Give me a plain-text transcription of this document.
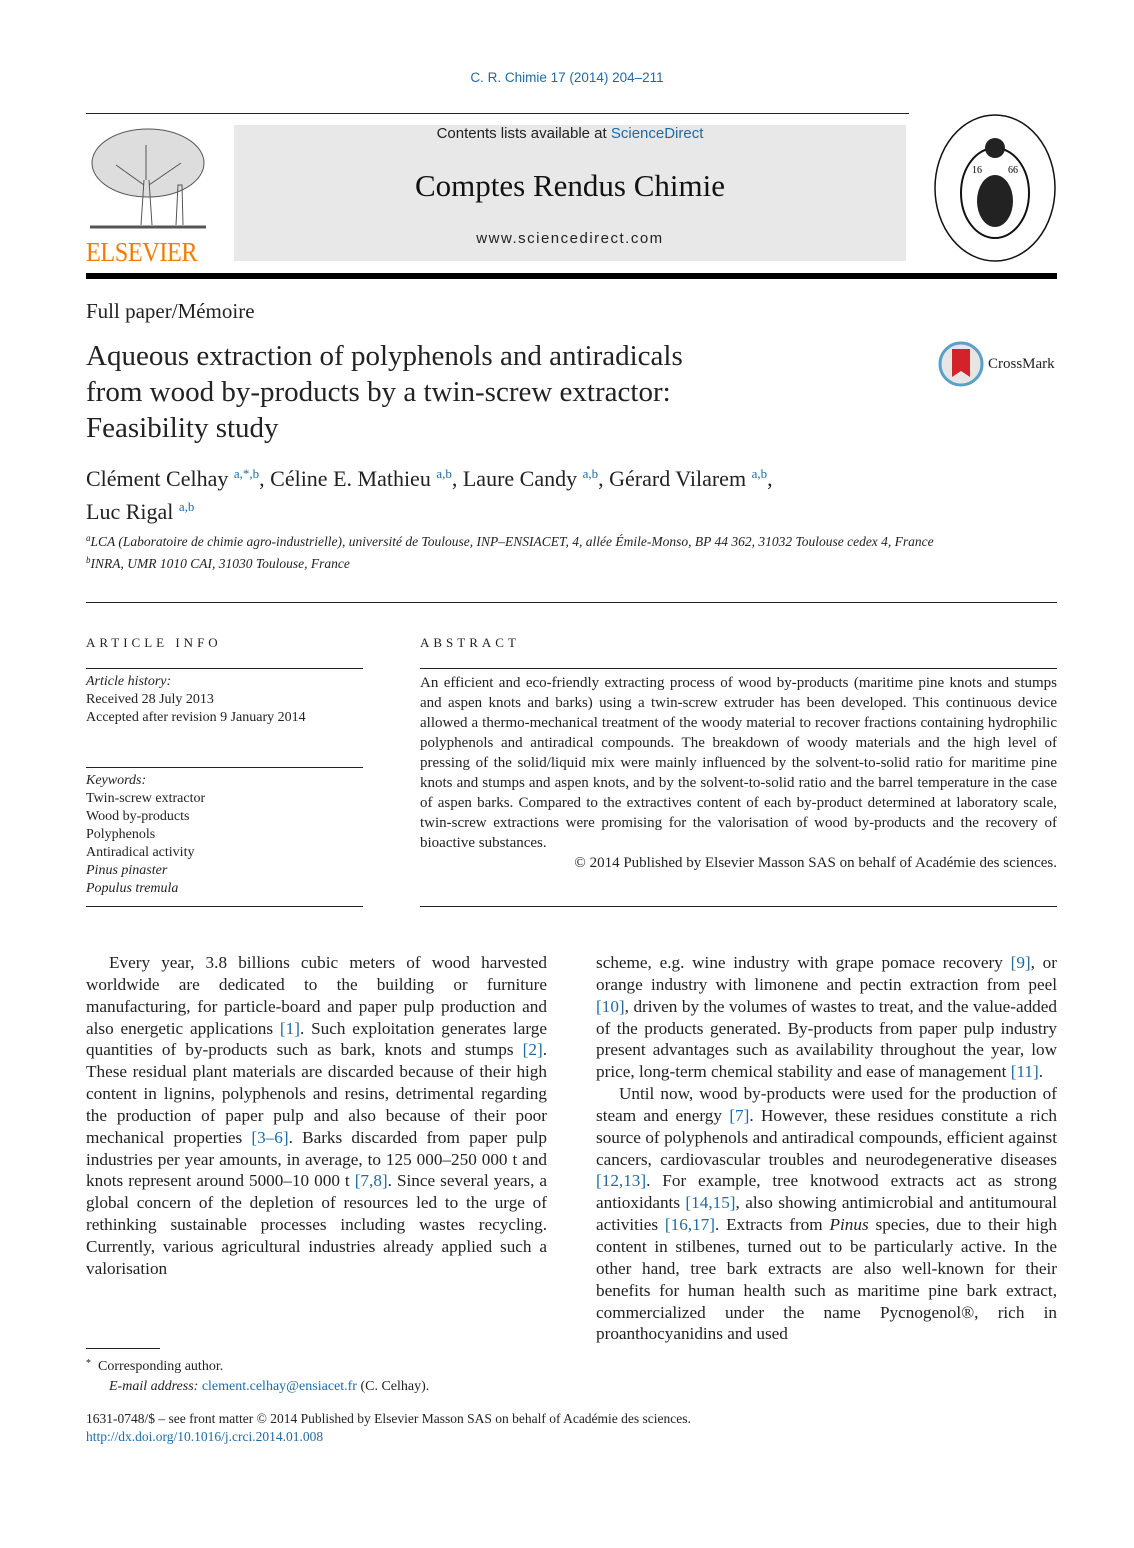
C. R. Chimie 17 (2014) 204–211
ELSEVIER
Contents lists available at ScienceDirect
Comptes Rendus Chimie
www.sciencedirect.com
16	66
Full paper/Mémoire
Aqueous extraction of polyphenols and antiradicals
from wood by-products by a twin-screw extractor:
Feasibility study
CrossMark
Clément Celhay $^{a,*,b}$, Céline E. Mathieu $^{a,b}$, Laure Candy $^{a,b}$, Gérard Vilarem $^{a,b}$,
Luc Rigal $^{a,b}$
$^a$LCA (Laboratoire de chimie agro-industrielle), université de Toulouse, INP–ENSIACET, 4, allée Émile-Monso, BP 44 362, 31032 Toulouse cedex 4, France
$^b$INRA, UMR 1010 CAI, 31030 Toulouse, France
ARTICLE INFO	ABSTRACT
Article history:
Received 28 July 2013
Accepted after revision 9 January 2014
Keywords:
Twin-screw extractor
Wood by-products
Polyphenols
Antiradical activity
Pinus pinaster
Populus tremula
An efficient and eco-friendly extracting process of wood by-products (maritime pine knots and stumps and aspen knots and barks) using a twin-screw extruder has been developed. This continuous device allowed a thermo-mechanical treatment of the woody material to recover fractions containing hydrophilic polyphenols and antiradical compounds. The breakdown of woody materials and the high level of pressing of the solid/liquid mix were mainly influenced by the solvent-to-solid ratio for maritime pine knots and stumps and aspen knots, and by the solvent-to-solid ratio and the barrel temperature in the case of aspen barks. Compared to the extractives content of each by-product determined at laboratory scale, twin-screw extractions were promising for the valorisation of wood by-products and the recovery of bioactive substances.
© 2014 Published by Elsevier Masson SAS on behalf of Académie des sciences.

Every year, 3.8 billions cubic meters of wood harvested worldwide are dedicated to the building or furniture manufacturing, for particle-board and paper pulp production and also energetic applications [1]. Such exploitation generates large quantities of by-products such as bark, knots and stumps [2]. These residual plant materials are discarded because of their high content in lignins, polyphenols and resins, detrimental regarding the production of paper pulp and also because of their poor mechanical properties [3–6]. Barks discarded from paper pulp industries per year amounts, in average, to 125 000–250 000 t and knots represent around 5000–10 000 t [7,8]. Since several years, a global concern of the depletion of resources led to the urge of rethinking sustainable processes including wastes recycling. Currently, various agricultural industries already applied such a valorisation

scheme, e.g. wine industry with grape pomace recovery [9], or orange industry with limonene and pectin extraction from peel [10], driven by the volumes of wastes to treat, and the value-added of the products generated. By-products from paper pulp industry present advantages such as availability throughout the year, low price, long-term chemical stability and ease of management [11].

Until now, wood by-products were used for the production of steam and energy [7]. However, these residues constitute a rich source of polyphenols and antiradical compounds, efficient against cancers, cardiovascular troubles and neurodegenerative diseases [12,13]. For example, tree knotwood extracts act as strong antioxidants [14,15], also showing antimicrobial and antitumoural activities [16,17]. Extracts from Pinus species, due to their high content in stilbenes, turned out to be particularly active. In the other hand, tree bark extracts are also well-known for their benefits for human health such as maritime pine bark extract, commercialized under the name Pycnogenol®, rich in proanthocyanidins and used

* Corresponding author.
E-mail address: clement.celhay@ensiacet.fr (C. Celhay).
1631-0748/$ – see front matter © 2014 Published by Elsevier Masson SAS on behalf of Académie des sciences.
http://dx.doi.org/10.1016/j.crci.2014.01.008
